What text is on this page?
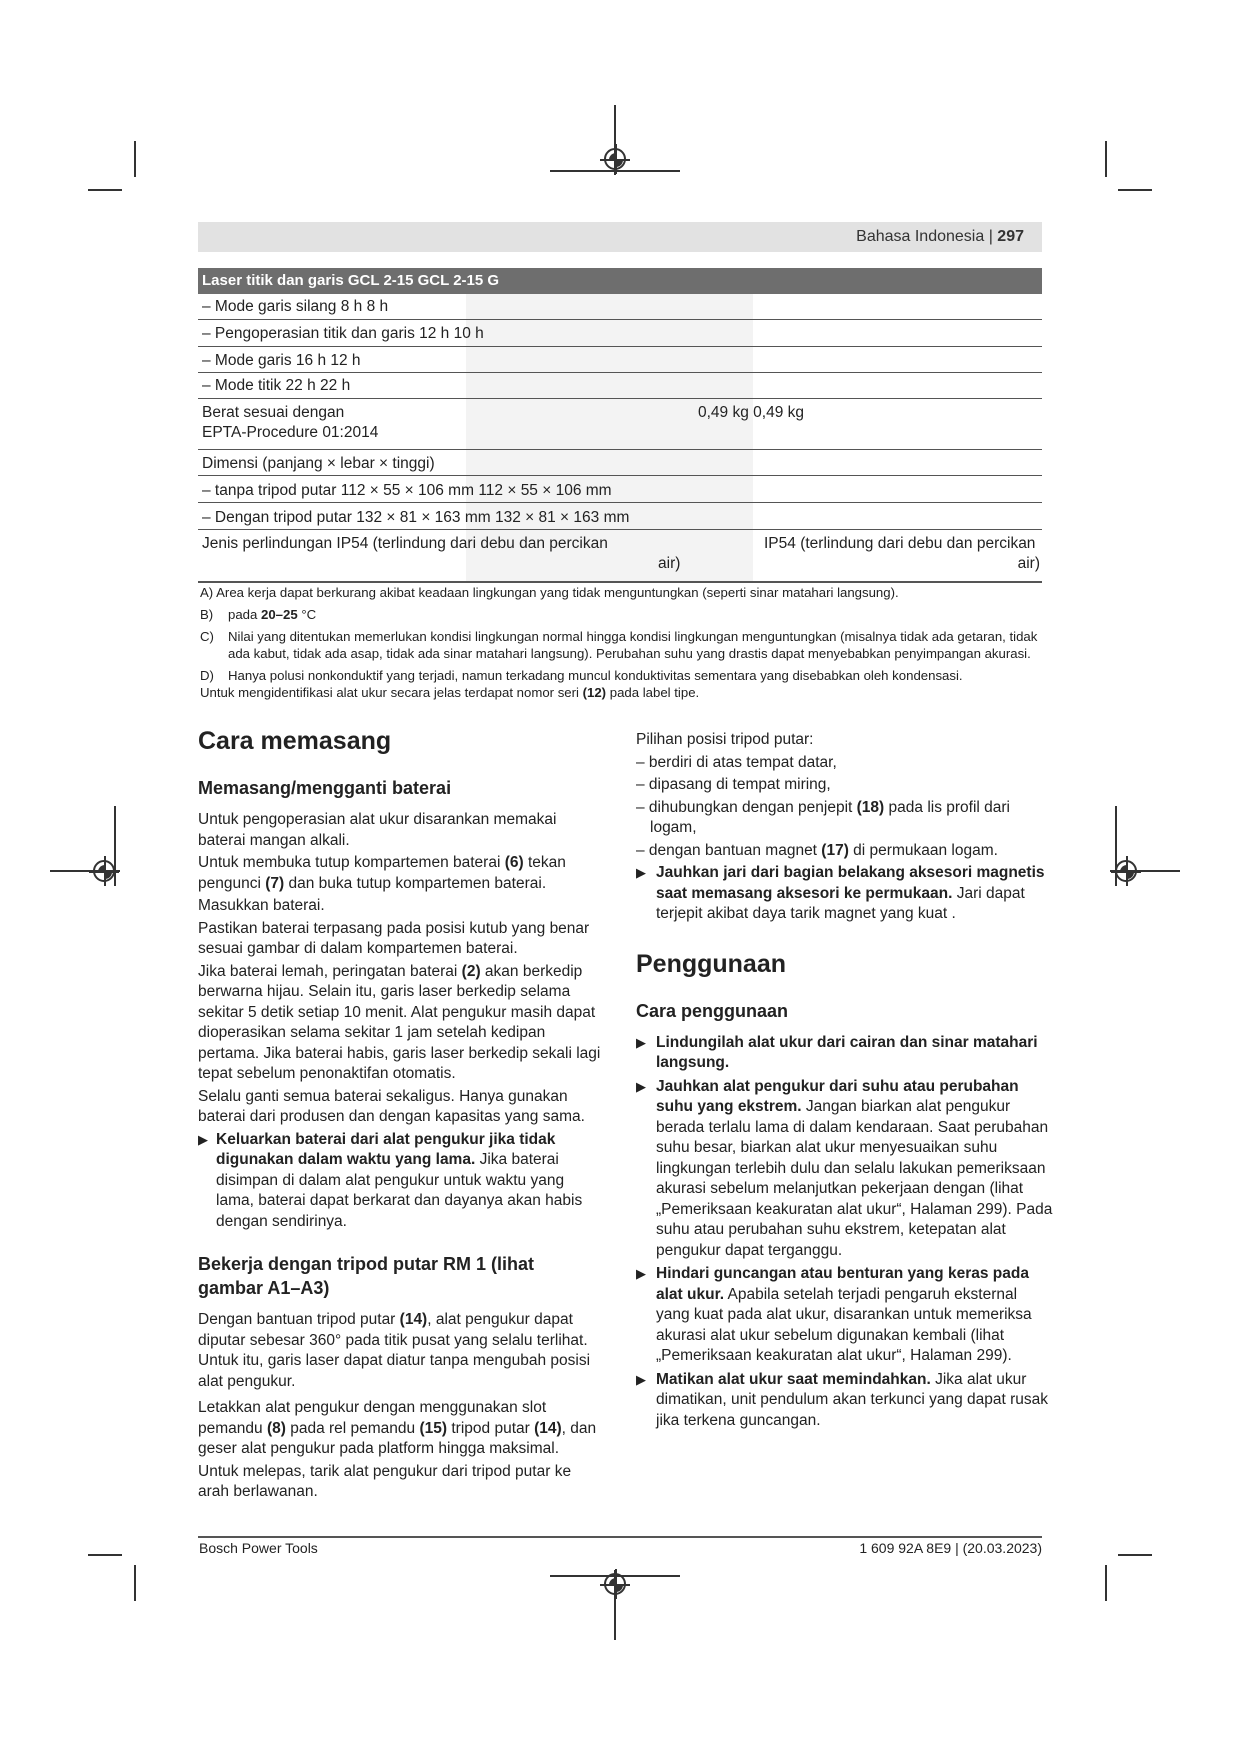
Bahasa Indonesia | 297
Laser titik dan garis GCL 2-15 GCL 2-15 G
– Mode garis silang 8 h 8 h
– Pengoperasian titik dan garis 12 h 10 h
– Mode garis 16 h 12 h
– Mode titik 22 h 22 h
Berat sesuai dengan
EPTA-Procedure 01:2014
0,49 kg 0,49 kg
Dimensi (panjang × lebar × tinggi)
– tanpa tripod putar 112 × 55 × 106 mm 112 × 55 × 106 mm
– Dengan tripod putar 132 × 81 × 163 mm 132 × 81 × 163 mm
Jenis perlindungan IP54 (terlindung dari debu dan percikan
air)
IP54 (terlindung dari debu dan percikan
air)
A) Area kerja dapat berkurang akibat keadaan lingkungan yang tidak menguntungkan (seperti sinar matahari langsung).
B) pada 20–25 °C
C) Nilai yang ditentukan memerlukan kondisi lingkungan normal hingga kondisi lingkungan menguntungkan (misalnya tidak ada getaran, tidak ada kabut, tidak ada asap, tidak ada sinar matahari langsung). Perubahan suhu yang drastis dapat menyebabkan penyimpangan akurasi.
D) Hanya polusi nonkonduktif yang terjadi, namun terkadang muncul konduktivitas sementara yang disebabkan oleh kondensasi.
Untuk mengidentifikasi alat ukur secara jelas terdapat nomor seri (12) pada label tipe.
Cara memasang
Memasang/mengganti baterai

Untuk pengoperasian alat ukur disarankan memakai baterai mangan alkali.

Untuk membuka tutup kompartemen baterai (6) tekan pengunci (7) dan buka tutup kompartemen baterai.

Masukkan baterai.

Pastikan baterai terpasang pada posisi kutub yang benar sesuai gambar di dalam kompartemen baterai.

Jika baterai lemah, peringatan baterai (2) akan berkedip berwarna hijau. Selain itu, garis laser berkedip selama sekitar 5 detik setiap 10 menit. Alat pengukur masih dapat dioperasikan selama sekitar 1 jam setelah kedipan pertama. Jika baterai habis, garis laser berkedip sekali lagi tepat sebelum penonaktifan otomatis.

Selalu ganti semua baterai sekaligus. Hanya gunakan baterai dari produsen dan dengan kapasitas yang sama.

▶ Keluarkan baterai dari alat pengukur jika tidak digunakan dalam waktu yang lama. Jika baterai disimpan di dalam alat pengukur untuk waktu yang lama, baterai dapat berkarat dan dayanya akan habis dengan sendirinya.
Bekerja dengan tripod putar RM 1 (lihat gambar A1–A3)

Dengan bantuan tripod putar (14), alat pengukur dapat diputar sebesar 360° pada titik pusat yang selalu terlihat. Untuk itu, garis laser dapat diatur tanpa mengubah posisi alat pengukur.

Letakkan alat pengukur dengan menggunakan slot pemandu (8) pada rel pemandu (15) tripod putar (14), dan geser alat pengukur pada platform hingga maksimal.

Untuk melepas, tarik alat pengukur dari tripod putar ke arah berlawanan.

Pilihan posisi tripod putar:
– berdiri di atas tempat datar,
– dipasang di tempat miring,
– dihubungkan dengan penjepit (18) pada lis profil dari logam,
– dengan bantuan magnet (17) di permukaan logam.
▶ Jauhkan jari dari bagian belakang aksesori magnetis saat memasang aksesori ke permukaan. Jari dapat terjepit akibat daya tarik magnet yang kuat .
Penggunaan
Cara penggunaan
▶ Lindungilah alat ukur dari cairan dan sinar matahari langsung.
▶ Jauhkan alat pengukur dari suhu atau perubahan suhu yang ekstrem. Jangan biarkan alat pengukur berada terlalu lama di dalam kendaraan. Saat perubahan suhu besar, biarkan alat ukur menyesuaikan suhu lingkungan terlebih dulu dan selalu lakukan pemeriksaan akurasi sebelum melanjutkan pekerjaan dengan (lihat „Pemeriksaan keakuratan alat ukur“, Halaman 299). Pada suhu atau perubahan suhu ekstrem, ketepatan alat pengukur dapat terganggu.
▶ Hindari guncangan atau benturan yang keras pada alat ukur. Apabila setelah terjadi pengaruh eksternal yang kuat pada alat ukur, disarankan untuk memeriksa akurasi alat ukur sebelum digunakan kembali (lihat „Pemeriksaan keakuratan alat ukur“, Halaman 299).
▶ Matikan alat ukur saat memindahkan. Jika alat ukur dimatikan, unit pendulum akan terkunci yang dapat rusak jika terkena guncangan.
Bosch Power Tools	1 609 92A 8E9 | (20.03.2023)
